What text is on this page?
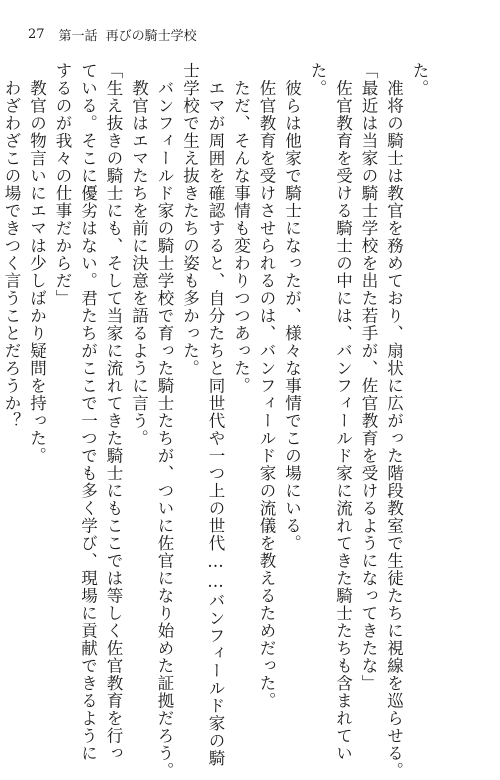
27 第一話 再びの騎士学校
た。
　准将の騎士は教官を務めており、扇状に広がった階段教室で生徒たちに視線を巡らせる。
「最近は当家の騎士学校を出た若手が、佐官教育を受けるようになってきたな」
　佐官教育を受ける騎士の中には、バンフィールド家に流れてきた騎士たちも含まれてい
た。
　彼らは他家で騎士になったが、様々な事情でこの場にいる。
　佐官教育を受けさせられるのは、バンフィールド家の流儀を教えるためだった。
　ただ、そんな事情も変わりつつあった。
　エマが周囲を確認すると、自分たちと同世代や一つ上の世代……バンフィールド家の騎
士学校で生え抜きたちの姿も多かった。
　バンフィールド家の騎士学校で育った騎士たちが、ついに佐官になり始めた証拠だろう。
　教官はエマたちを前に決意を語るように言う。
「生え抜きの騎士にも、そして当家に流れてきた騎士にもここでは等しく佐官教育を行っ
ている。そこに優劣はない。君たちがここで一つでも多く学び、現場に貢献できるように
するのが我々の仕事だからだ」
　教官の物言いにエマは少しばかり疑問を持った。
　わざわざこの場できつく言うことだろうか？
